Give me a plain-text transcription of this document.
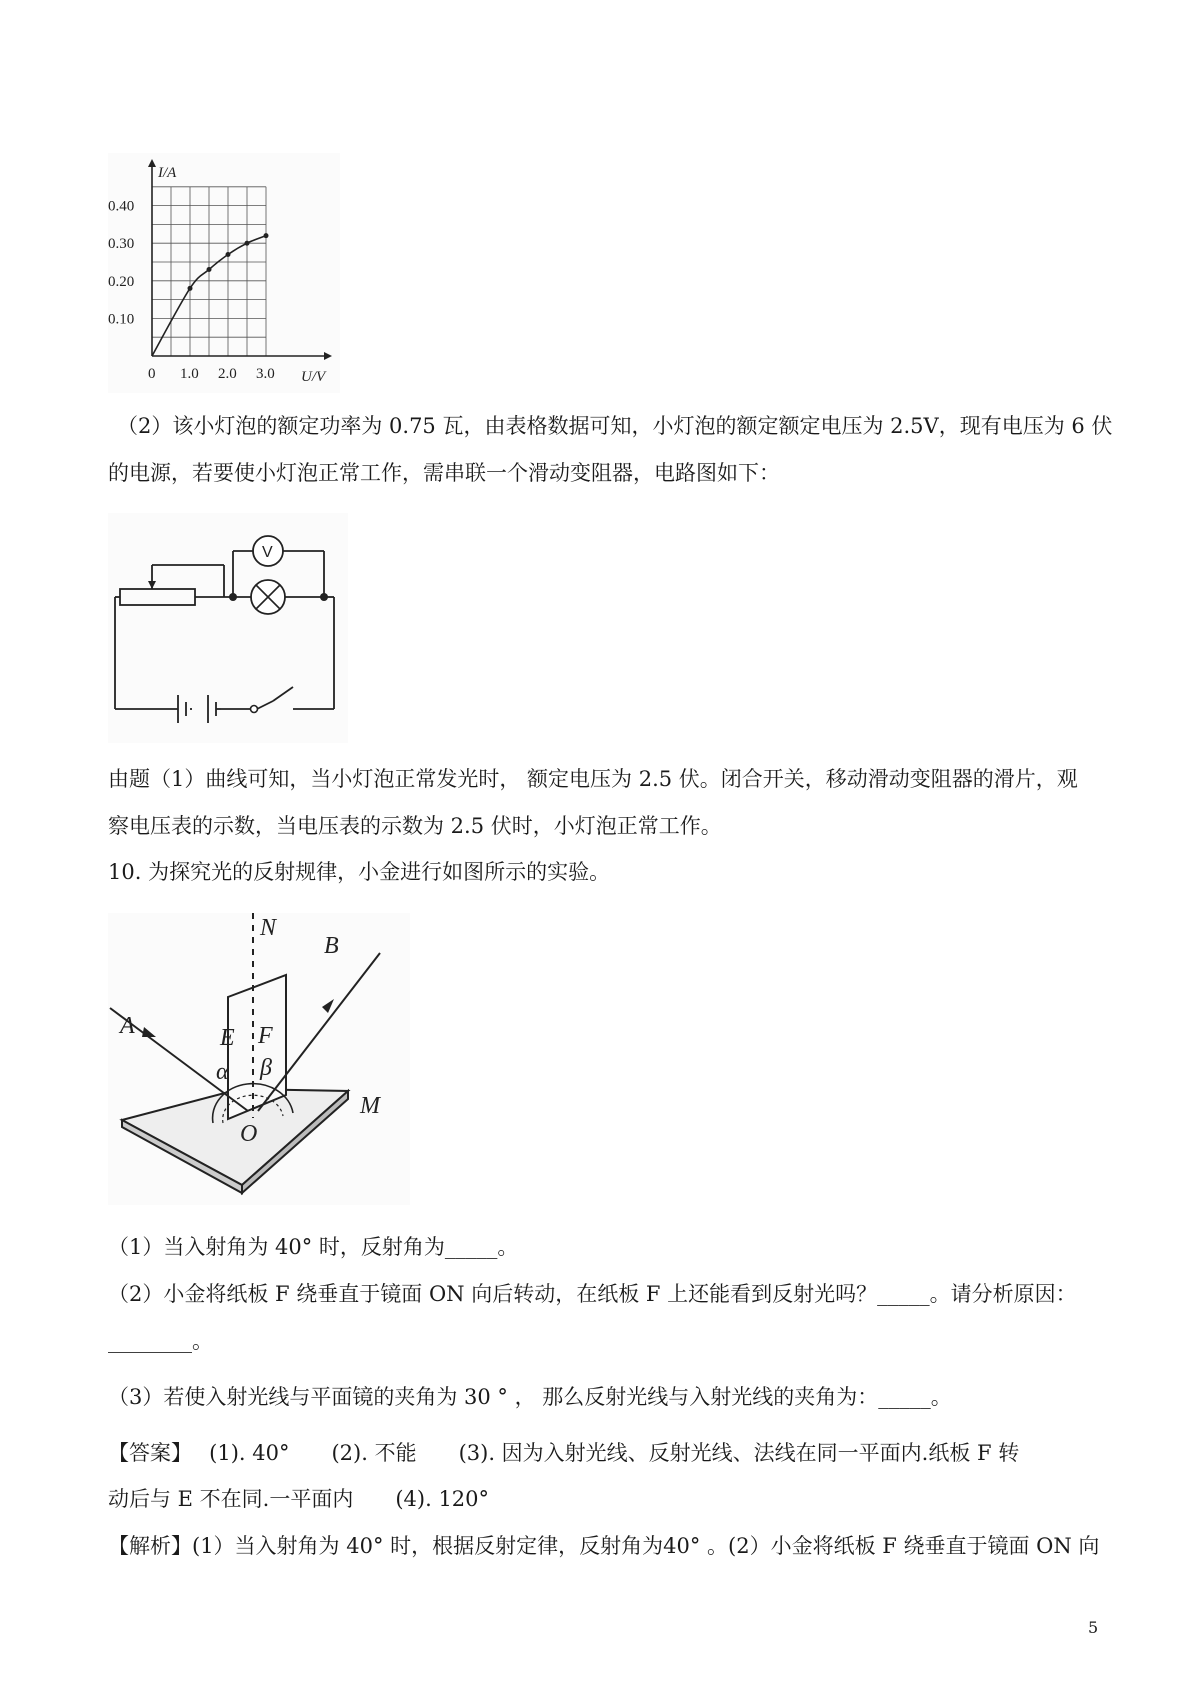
0.40
0.30
0.20
0.10
0 1.0 2.0 3.0
I/A
U/V
（2）该小灯泡的额定功率为 0.75 瓦，由表格数据可知，小灯泡的额定额定电压为 2.5V，现有电压为 6 伏
的电源，若要使小灯泡正常工作，需串联一个滑动变阻器，电路图如下：
V
由题（1）曲线可知，当小灯泡正常发光时， 额定电压为 2.5 伏。闭合开关，移动滑动变阻器的滑片，观
察电压表的示数，当电压表的示数为 2.5 伏时，小灯泡正常工作。
10. 为探究光的反射规律，小金进行如图所示的实验。
N
B
A	E F
α β
O
M
（1）当入射角为 40° 时，反射角为_____。
（2）小金将纸板 F 绕垂直于镜面 ON 向后转动，在纸板 F 上还能看到反射光吗？_____。请分析原因：
________。
（3）若使入射光线与平面镜的夹角为 30 ° ， 那么反射光线与入射光线的夹角为：_____。
【答案】　 (1). 40°　　(2). 不能　　(3). 因为入射光线、反射光线、法线在同一平面内.纸板 F 转
动后与 E 不在同.一平面内　　(4). 120°
【解析】(1）当入射角为 40° 时，根据反射定律，反射角为40° 。(2）小金将纸板 F 绕垂直于镜面 ON 向
5
